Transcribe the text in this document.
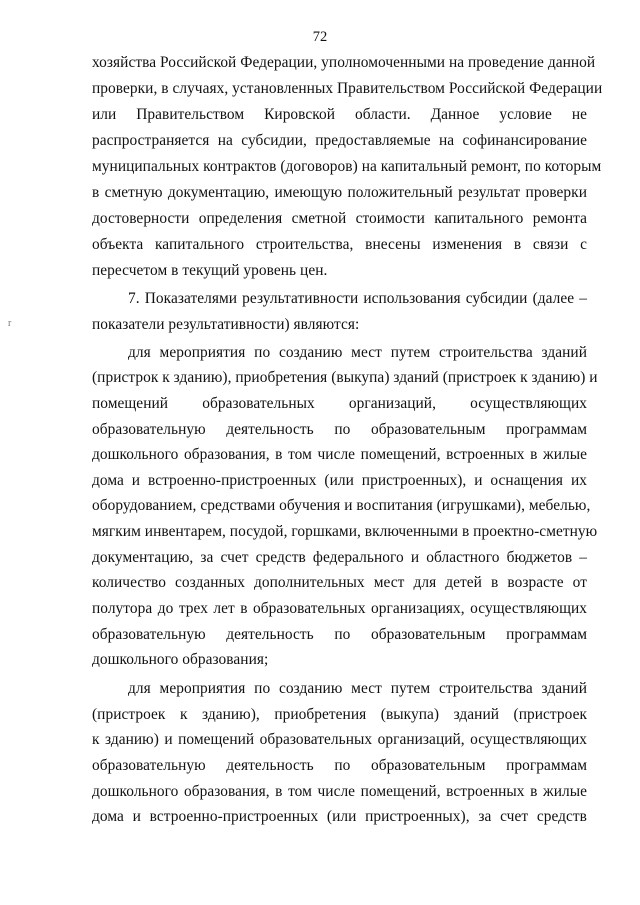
72
r
хозяйства Российской Федерации, уполномоченными на проведение данной
проверки, в случаях, установленных Правительством Российской Федерации
или Правительством Кировской области. Данное условие не
распространяется на субсидии, предоставляемые на софинансирование
муниципальных контрактов (договоров) на капитальный ремонт, по которым
в сметную документацию, имеющую положительный результат проверки
достоверности определения сметной стоимости капитального ремонта
объекта капитального строительства, внесены изменения в связи с
пересчетом в текущий уровень цен.
7. Показателями результативности использования субсидии (далее –
показатели результативности) являются:
для мероприятия по созданию мест путем строительства зданий
(пристрок к зданию), приобретения (выкупа) зданий (пристроек к зданию) и
помещений образовательных организаций, осуществляющих
образовательную деятельность по образовательным программам
дошкольного образования, в том числе помещений, встроенных в жилые
дома и встроенно-пристроенных (или пристроенных), и оснащения их
оборудованием, средствами обучения и воспитания (игрушками), мебелью,
мягким инвентарем, посудой, горшками, включенными в проектно-сметную
документацию, за счет средств федерального и областного бюджетов –
количество созданных дополнительных мест для детей в возрасте от
полутора до трех лет в образовательных организациях, осуществляющих
образовательную деятельность по образовательным программам
дошкольного образования;
для мероприятия по созданию мест путем строительства зданий
(пристроек к зданию), приобретения (выкупа) зданий (пристроек
к зданию) и помещений образовательных организаций, осуществляющих
образовательную деятельность по образовательным программам
дошкольного образования, в том числе помещений, встроенных в жилые
дома и встроенно-пристроенных (или пристроенных), за счет средств
